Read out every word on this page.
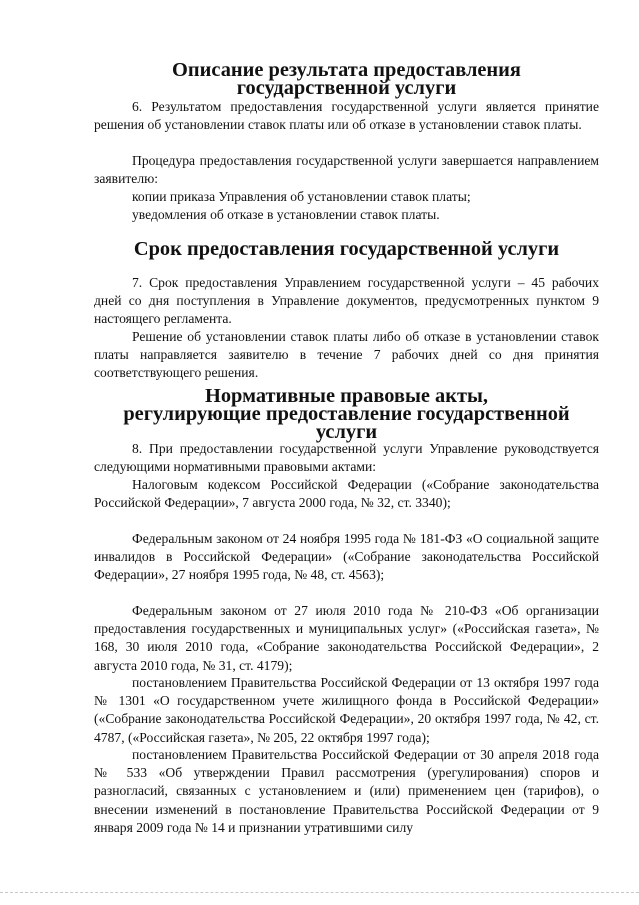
Описание результата предоставления государственной услуги

6. Результатом предоставления государственной услуги является принятие решения об установлении ставок платы или об отказе в установлении ставок платы.

Процедура предоставления государственной услуги завершается направлением заявителю:

копии приказа Управления об установлении ставок платы;

уведомления об отказе в установлении ставок платы.

Срок предоставления государственной услуги

7. Срок предоставления Управлением государственной услуги – 45 рабочих дней со дня поступления в Управление документов, предусмотренных пунктом 9 настоящего регламента.

Решение об установлении ставок платы либо об отказе в установлении ставок платы направляется заявителю в течение 7 рабочих дней со дня принятия соответствующего решения.

Нормативные правовые акты,
регулирующие предоставление государственной услуги

8. При предоставлении государственной услуги Управление руководствуется следующими нормативными правовыми актами:

Налоговым кодексом Российской Федерации («Собрание законодательства Российской Федерации», 7 августа 2000 года, № 32, ст. 3340);

Федеральным законом от 24 ноября 1995 года № 181-ФЗ «О социальной защите инвалидов в Российской Федерации» («Собрание законодательства Российской Федерации», 27 ноября 1995 года, № 48, ст. 4563);

Федеральным законом от 27 июля 2010 года № 210-ФЗ «Об организации предоставления государственных и муниципальных услуг» («Российская газета», № 168, 30 июля 2010 года, «Собрание законодательства Российской Федерации», 2 августа 2010 года, № 31, ст. 4179);

постановлением Правительства Российской Федерации от 13 октября 1997 года № 1301 «О государственном учете жилищного фонда в Российской Федерации» («Собрание законодательства Российской Федерации», 20 октября 1997 года, № 42, ст. 4787, («Российская газета», № 205, 22 октября 1997 года);

постановлением Правительства Российской Федерации от 30 апреля 2018 года № 533 «Об утверждении Правил рассмотрения (урегулирования) споров и разногласий, связанных с установлением и (или) применением цен (тарифов), о внесении изменений в постановление Правительства Российской Федерации от 9 января 2009 года № 14 и признании утратившими силу
